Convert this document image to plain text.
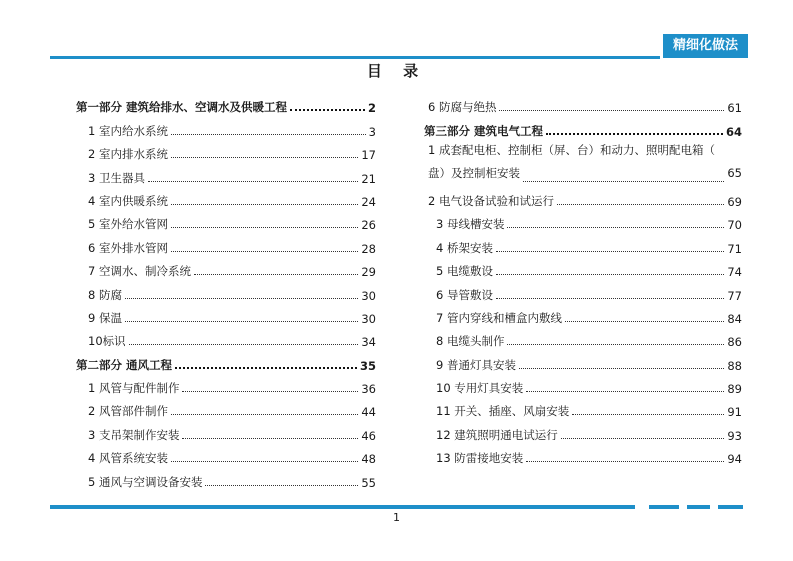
精细化做法
目 录
第一部分 建筑给排水、空调水及供暖工程	2
1 室内给水系统	3
2 室内排水系统	17
3 卫生器具	21
4 室内供暖系统	24
5 室外给水管网	26
6 室外排水管网	28
7 空调水、制冷系统	29
8 防腐	30
9 保温	30
10标识	34
第二部分 通风工程	35
1 风管与配件制作	36
2 风管部件制作	44
3 支吊架制作安装	46
4 风管系统安装	48
5 通风与空调设备安装	55
6 防腐与绝热	61
第三部分 建筑电气工程	64
1 成套配电柜、控制柜（屏、台）和动力、照明配电箱（
盘）及控制柜安装	65
2 电气设备试验和试运行	69
3 母线槽安装	70
4 桥架安装	71
5 电缆敷设	74
6 导管敷设	77
7 管内穿线和槽盒内敷线	84
8 电缆头制作	86
9 普通灯具安装	88
10 专用灯具安装	89
11 开关、插座、风扇安装	91
12 建筑照明通电试运行	93
13 防雷接地安装	94
1
